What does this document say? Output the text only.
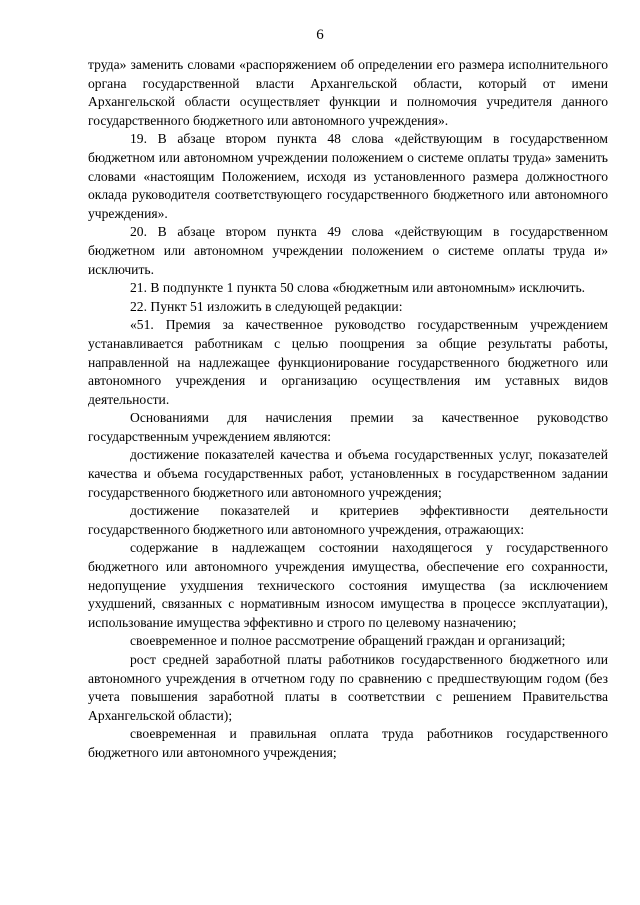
6

труда» заменить словами «распоряжением об определении его размера исполнительного органа государственной власти Архангельской области, который от имени Архангельской области осуществляет функции и полномочия учредителя данного государственного бюджетного или автономного учреждения».

19. В абзаце втором пункта 48 слова «действующим в государственном бюджетном или автономном учреждении положением о системе оплаты труда» заменить словами «настоящим Положением, исходя из установленного размера должностного оклада руководителя соответствующего государственного бюджетного или автономного учреждения».

20. В абзаце втором пункта 49 слова «действующим в государственном бюджетном или автономном учреждении положением о системе оплаты труда и» исключить.

21. В подпункте 1 пункта 50 слова «бюджетным или автономным» исключить.

22. Пункт 51 изложить в следующей редакции:

«51. Премия за качественное руководство государственным учреждением устанавливается работникам с целью поощрения за общие результаты работы, направленной на надлежащее функционирование государственного бюджетного или автономного учреждения и организацию осуществления им уставных видов деятельности.

Основаниями для начисления премии за качественное руководство государственным учреждением являются:

достижение показателей качества и объема государственных услуг, показателей качества и объема государственных работ, установленных в государственном задании государственного бюджетного или автономного учреждения;

достижение показателей и критериев эффективности деятельности государственного бюджетного или автономного учреждения, отражающих:

содержание в надлежащем состоянии находящегося у государственного бюджетного или автономного учреждения имущества, обеспечение его сохранности, недопущение ухудшения технического состояния имущества (за исключением ухудшений, связанных с нормативным износом имущества в процессе эксплуатации), использование имущества эффективно и строго по целевому назначению;

своевременное и полное рассмотрение обращений граждан и организаций;

рост средней заработной платы работников государственного бюджетного или автономного учреждения в отчетном году по сравнению с предшествующим годом (без учета повышения заработной платы в соответствии с решением Правительства Архангельской области);

своевременная и правильная оплата труда работников государственного бюджетного или автономного учреждения;
